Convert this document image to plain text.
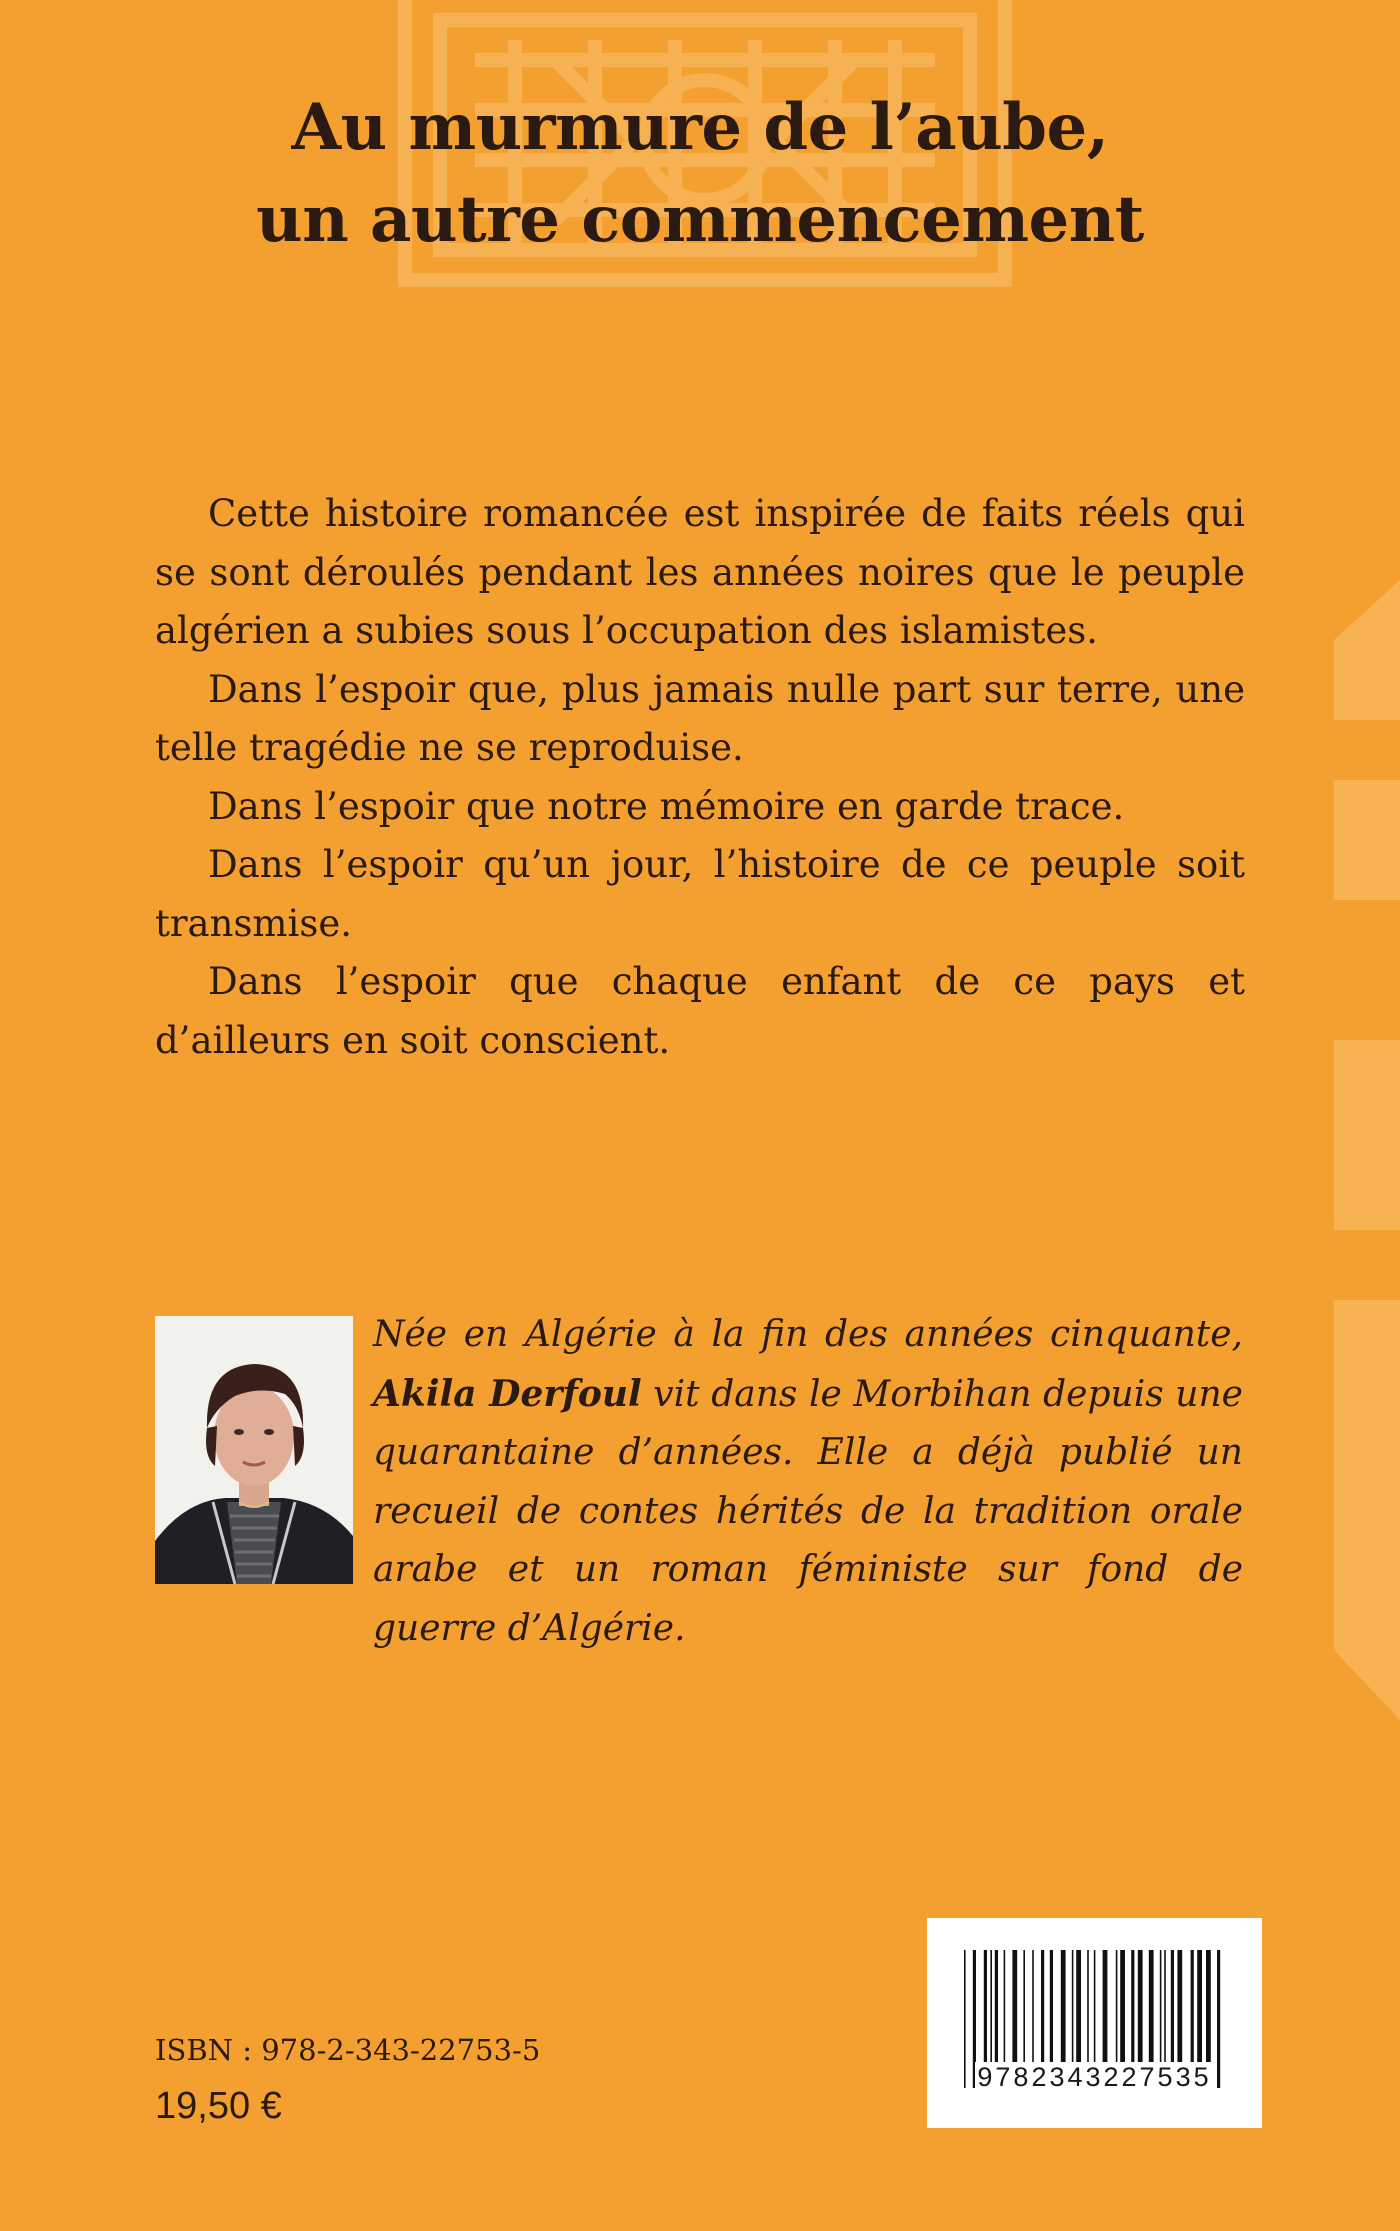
Au murmure de l’aube,
un autre commencement

Cette histoire romancée est inspirée de faits réels qui se sont déroulés pendant les années noires que le peuple algérien a subies sous l’occupation des islamistes.

Dans l’espoir que, plus jamais nulle part sur terre, une telle tragédie ne se reproduise.

Dans l’espoir que notre mémoire en garde trace.

Dans l’espoir qu’un jour, l’histoire de ce peuple soit transmise.

Dans l’espoir que chaque enfant de ce pays et d’ailleurs en soit conscient.

Née en Algérie à la fin des années cinquante, Akila Derfoul vit dans le Morbihan depuis une quarantaine d’années. Elle a déjà publié un recueil de contes hérités de la tradition orale arabe et un roman féministe sur fond de guerre d’Algérie.

ISBN : 978-2-343-22753-5
19,50 €
9782343227535
